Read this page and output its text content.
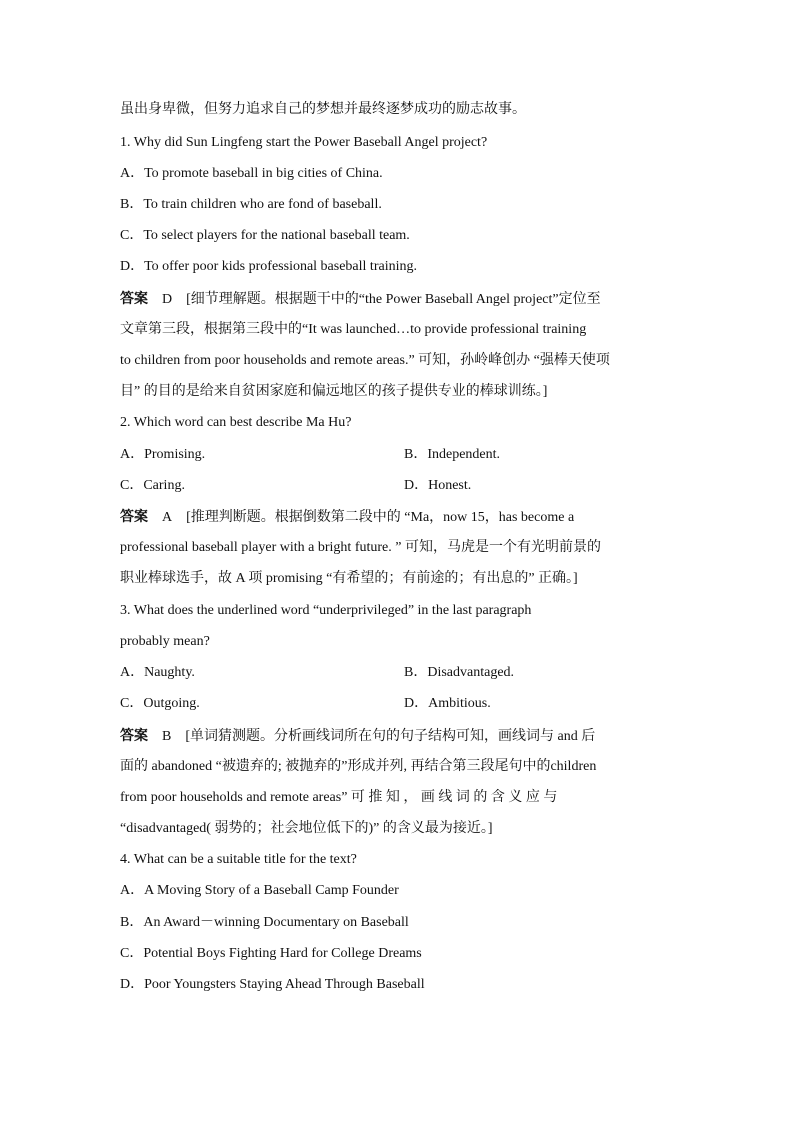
虽出身卑微，但努力追求自己的梦想并最终逐梦成功的励志故事。
1. Why did Sun Lingfeng start the Power Baseball Angel project?
A．To promote baseball in big cities of China.
B．To train children who are fond of baseball.
C．To select players for the national baseball team.
D．To offer poor kids professional baseball training.
答案 D [细节理解题。根据题干中的“the Power Baseball Angel project”定位至
文章第三段，根据第三段中的“It was launched…to provide professional training
to children from poor households and remote areas.” 可知，孙岭峰创办 “强棒天使项
目” 的目的是给来自贫困家庭和偏远地区的孩子提供专业的棒球训练。]
2. Which word can best describe Ma Hu?
A．Promising.	B．Independent.
C．Caring.	D．Honest.
答案 A [推理判断题。根据倒数第二段中的 “Ma，now 15，has become a
professional baseball player with a bright future. ” 可知，马虎是一个有光明前景的
职业棒球选手，故 A 项 promising “有希望的；有前途的；有出息的” 正确。]
3. What does the underlined word “underprivileged” in the last paragraph
probably mean?
A．Naughty.	B．Disadvantaged.
C．Outgoing.	D．Ambitious.
答案 B [单词猜测题。分析画线词所在句的句子结构可知，画线词与 and 后
面的 abandoned “被遗弃的; 被抛弃的”形成并列, 再结合第三段尾句中的children
from poor households and remote areas” 可 推 知 ， 画 线 词 的 含 义 应 与
“disadvantaged( 弱势的；社会地位低下的)” 的含义最为接近。]
4. What can be a suitable title for the text?
A．A Moving Story of a Baseball Camp Founder
B．An Award－winning Documentary on Baseball
C．Potential Boys Fighting Hard for College Dreams
D．Poor Youngsters Staying Ahead Through Baseball
